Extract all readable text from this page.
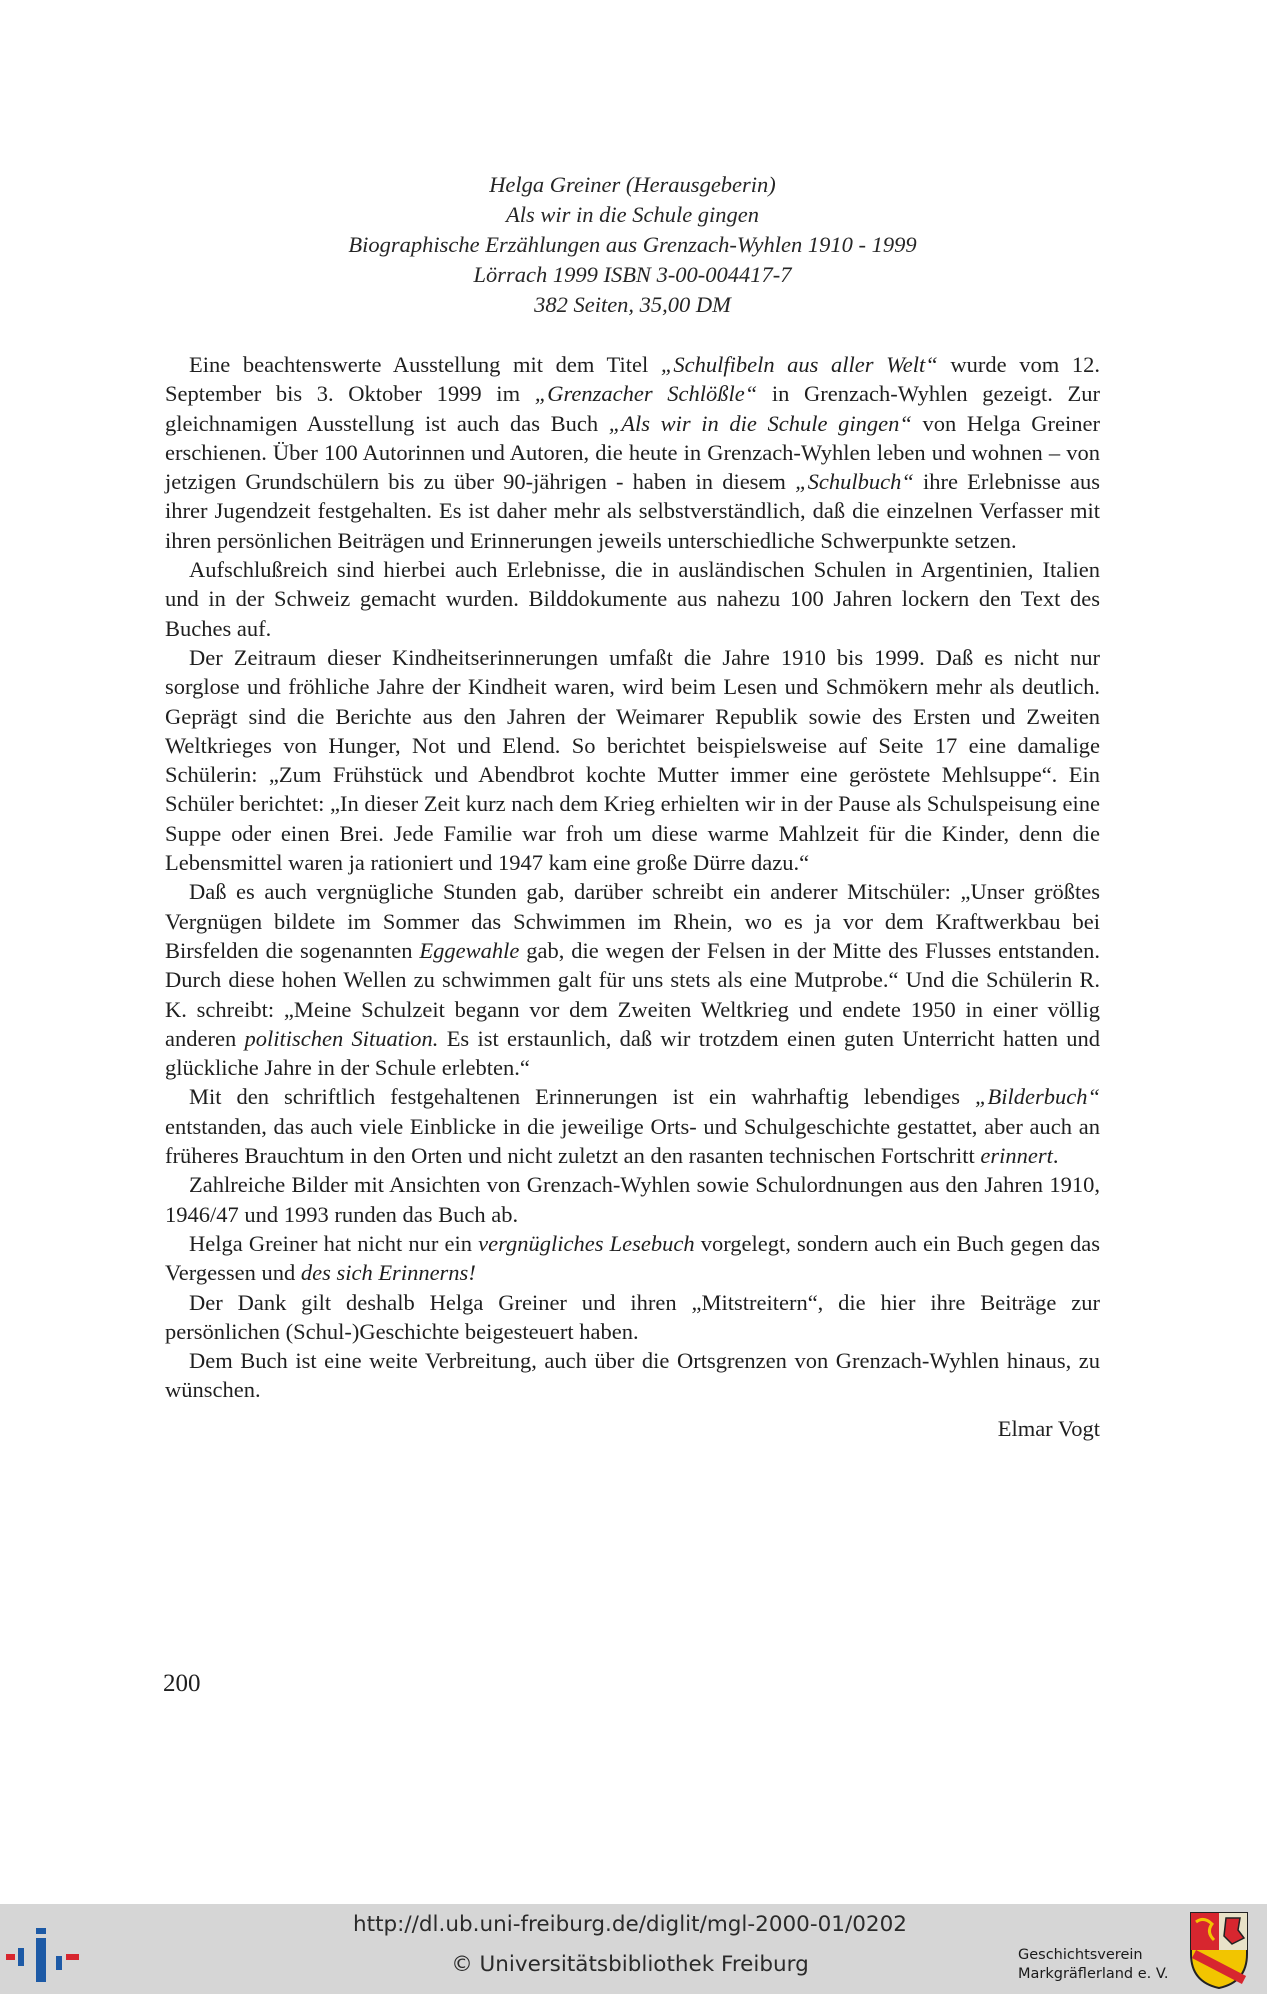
Helga Greiner (Herausgeberin)
Als wir in die Schule gingen
Biographische Erzählungen aus Grenzach-Wyhlen 1910 - 1999
Lörrach 1999 ISBN 3-00-004417-7
382 Seiten, 35,00 DM

Eine beachtenswerte Ausstellung mit dem Titel „Schulfibeln aus aller Welt“ wurde vom 12. September bis 3. Oktober 1999 im „Grenzacher Schlößle“ in Grenzach-Wyhlen gezeigt. Zur gleichnamigen Ausstellung ist auch das Buch „Als wir in die Schule gingen“ von Helga Greiner erschienen. Über 100 Autorinnen und Autoren, die heute in Grenzach-Wyhlen leben und wohnen – von jetzigen Grundschülern bis zu über 90-jährigen - haben in diesem „Schulbuch“ ihre Erlebnisse aus ihrer Jugendzeit festgehalten. Es ist daher mehr als selbstverständlich, daß die einzelnen Verfasser mit ihren persönlichen Beiträgen und Erinnerungen jeweils unterschiedliche Schwerpunkte setzen.

Aufschlußreich sind hierbei auch Erlebnisse, die in ausländischen Schulen in Argentinien, Italien und in der Schweiz gemacht wurden. Bilddokumente aus nahezu 100 Jahren lockern den Text des Buches auf.

Der Zeitraum dieser Kindheitserinnerungen umfaßt die Jahre 1910 bis 1999. Daß es nicht nur sorglose und fröhliche Jahre der Kindheit waren, wird beim Lesen und Schmökern mehr als deutlich. Geprägt sind die Berichte aus den Jahren der Weimarer Republik sowie des Ersten und Zweiten Weltkrieges von Hunger, Not und Elend. So berichtet beispielsweise auf Seite 17 eine damalige Schülerin: „Zum Frühstück und Abendbrot kochte Mutter immer eine geröstete Mehlsuppe“. Ein Schüler berichtet: „In dieser Zeit kurz nach dem Krieg erhielten wir in der Pause als Schulspeisung eine Suppe oder einen Brei. Jede Familie war froh um diese warme Mahlzeit für die Kinder, denn die Lebensmittel waren ja rationiert und 1947 kam eine große Dürre dazu.“

Daß es auch vergnügliche Stunden gab, darüber schreibt ein anderer Mitschüler: „Unser größtes Vergnügen bildete im Sommer das Schwimmen im Rhein, wo es ja vor dem Kraftwerkbau bei Birsfelden die sogenannten Eggewahle gab, die wegen der Felsen in der Mitte des Flusses entstanden. Durch diese hohen Wellen zu schwimmen galt für uns stets als eine Mutprobe.“ Und die Schülerin R. K. schreibt: „Meine Schulzeit begann vor dem Zweiten Weltkrieg und endete 1950 in einer völlig anderen politischen Situation. Es ist erstaunlich, daß wir trotzdem einen guten Unterricht hatten und glückliche Jahre in der Schule erlebten.“

Mit den schriftlich festgehaltenen Erinnerungen ist ein wahrhaftig lebendiges „Bilderbuch“ entstanden, das auch viele Einblicke in die jeweilige Orts- und Schulgeschichte gestattet, aber auch an früheres Brauchtum in den Orten und nicht zuletzt an den rasanten technischen Fortschritt erinnert.

Zahlreiche Bilder mit Ansichten von Grenzach-Wyhlen sowie Schulordnungen aus den Jahren 1910, 1946/47 und 1993 runden das Buch ab.

Helga Greiner hat nicht nur ein vergnügliches Lesebuch vorgelegt, sondern auch ein Buch gegen das Vergessen und des sich Erinnerns!

Der Dank gilt deshalb Helga Greiner und ihren „Mitstreitern“, die hier ihre Beiträge zur persönlichen (Schul-)Geschichte beigesteuert haben.

Dem Buch ist eine weite Verbreitung, auch über die Ortsgrenzen von Grenzach-Wyhlen hinaus, zu wünschen.

Elmar Vogt

200
http://dl.ub.uni-freiburg.de/diglit/mgl-2000-01/0202
© Universitätsbibliothek Freiburg	Geschichtsverein
Markgräflerland e. V.
